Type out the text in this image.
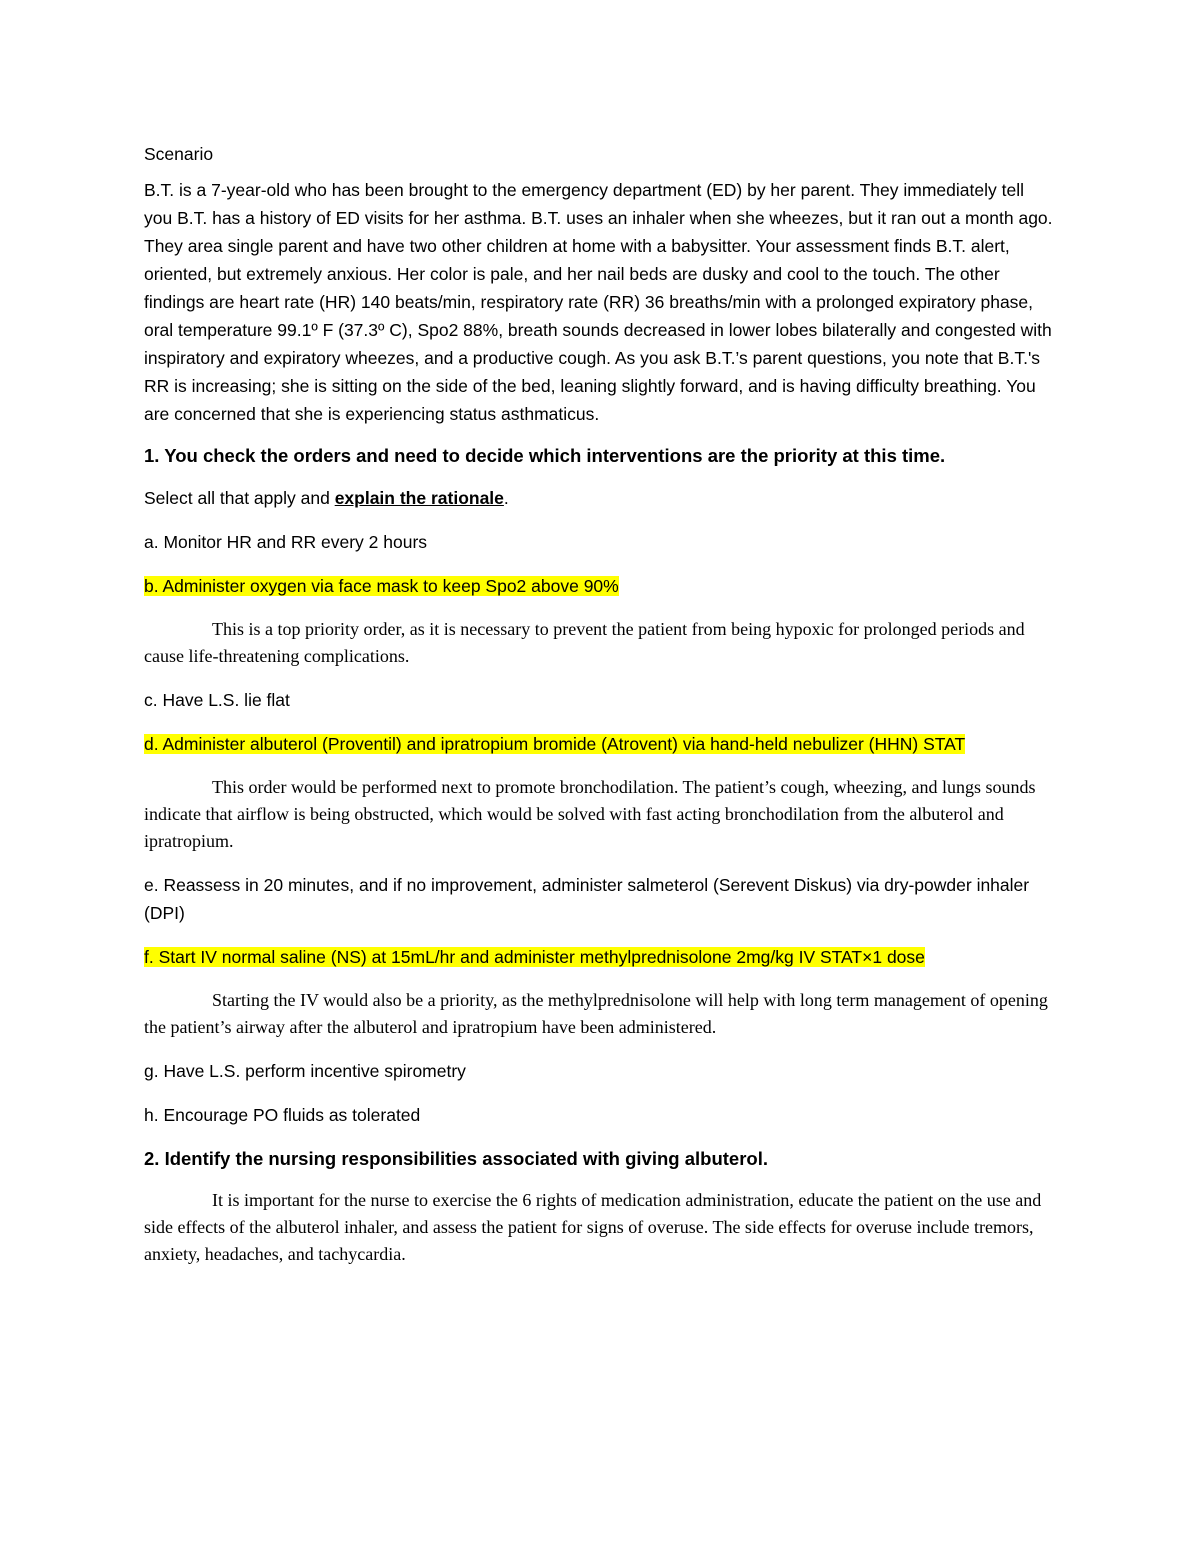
Scenario

B.T. is a 7-year-old who has been brought to the emergency department (ED) by her parent. They immediately tell you B.T. has a history of ED visits for her asthma. B.T. uses an inhaler when she wheezes, but it ran out a month ago. They area single parent and have two other children at home with a babysitter. Your assessment finds B.T. alert, oriented, but extremely anxious. Her color is pale, and her nail beds are dusky and cool to the touch. The other findings are heart rate (HR) 140 beats/min, respiratory rate (RR) 36 breaths/min with a prolonged expiratory phase, oral temperature 99.1º F (37.3º C), Spo2 88%, breath sounds decreased in lower lobes bilaterally and congested with inspiratory and expiratory wheezes, and a productive cough. As you ask B.T.’s parent questions, you note that B.T.'s RR is increasing; she is sitting on the side of the bed, leaning slightly forward, and is having difficulty breathing. You are concerned that she is experiencing status asthmaticus.

1. You check the orders and need to decide which interventions are the priority at this time.

Select all that apply and explain the rationale.

a. Monitor HR and RR every 2 hours

b. Administer oxygen via face mask to keep Spo2 above 90%

This is a top priority order, as it is necessary to prevent the patient from being hypoxic for prolonged periods and cause life-threatening complications.

c. Have L.S. lie flat

d. Administer albuterol (Proventil) and ipratropium bromide (Atrovent) via hand-held nebulizer (HHN) STAT

This order would be performed next to promote bronchodilation. The patient’s cough, wheezing, and lungs sounds indicate that airflow is being obstructed, which would be solved with fast acting bronchodilation from the albuterol and ipratropium.

e. Reassess in 20 minutes, and if no improvement, administer salmeterol (Serevent Diskus) via dry-powder inhaler (DPI)

f. Start IV normal saline (NS) at 15mL/hr and administer methylprednisolone 2mg/kg IV STAT×1 dose

Starting the IV would also be a priority, as the methylprednisolone will help with long term management of opening the patient’s airway after the albuterol and ipratropium have been administered.

g. Have L.S. perform incentive spirometry

h. Encourage PO fluids as tolerated

2. Identify the nursing responsibilities associated with giving albuterol.

It is important for the nurse to exercise the 6 rights of medication administration, educate the patient on the use and side effects of the albuterol inhaler, and assess the patient for signs of overuse. The side effects for overuse include tremors, anxiety, headaches, and tachycardia.
